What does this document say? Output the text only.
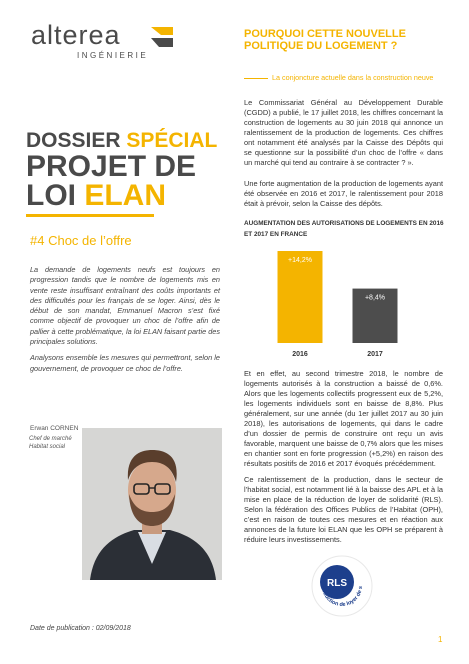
alterea
INGÉNIERIE
DOSSIER SPÉCIAL
PROJET DE
LOI ELAN
#4 Choc de l’offre

La demande de logements neufs est toujours en progression tandis que le nombre de logements mis en vente reste insuffisant entraînant des coûts importants et des difficultés pour les français de se loger. Ainsi, dès le début de son mandat, Emmanuel Macron s’est fixé comme objectif de provoquer un choc de l’offre afin de pallier à cette problématique, la loi ELAN faisant partie des principales solutions.

Analysons ensemble les mesures qui permettront, selon le gouvernement, de provoquer ce choc de l’offre.

Erwan CORNEN
Chef de marché Habitat social
Date de publication : 02/09/2018
POURQUOI CETTE NOUVELLE POLITIQUE DU LOGEMENT ?
La conjoncture actuelle dans la construction neuve

Le Commissariat Général au Développement Durable (CGDD) a publié, le 17 juillet 2018, les chiffres concernant la construction de logements au 30 juin 2018 qui annonce un ralentissement de la production de logements. Ces chiffres ont notamment été analysés par la Caisse des Dépôts qui se questionne sur la possibilité d’un choc de l’offre « dans un marché qui tend au contraire à se contracter ? ».

Une forte augmentation de la production de logements ayant été observée en 2016 et 2017, le ralentissement pour 2018 était à prévoir, selon la Caisse des dépôts.

AUGMENTATION DES AUTORISATIONS DE LOGEMENTS EN 2016 ET 2017 EN FRANCE
+14,2%
2016
+8,4%
2017

Et en effet, au second trimestre 2018, le nombre de logements autorisés à la construction a baissé de 0,6%. Alors que les logements collectifs progressent eux de 5,2%, les logements individuels sont en baisse de 8,8%. Plus généralement, sur une année (du 1er juillet 2017 au 30 juin 2018), les autorisations de logements, qui dans le cadre d’un dossier de permis de construire ont reçu un avis favorable, marquent une baisse de 0,7% alors que les mises en chantier sont en forte progression (+5,2%) en raison des résultats positifs de 2016 et 2017 évoqués précédemment.

Ce ralentissement de la production, dans le secteur de l’habitat social, est notamment lié à la baisse des APL et à la mise en place de la réduction de loyer de solidarité (RLS). Selon la fédération des Offices Publics de l’Habitat (OPH), c’est en raison de toutes ces mesures et en réaction aux annonces de la future loi ELAN que les OPH se préparent à réduire leurs investissements.

RLS
Réduction de loyer de s
1
